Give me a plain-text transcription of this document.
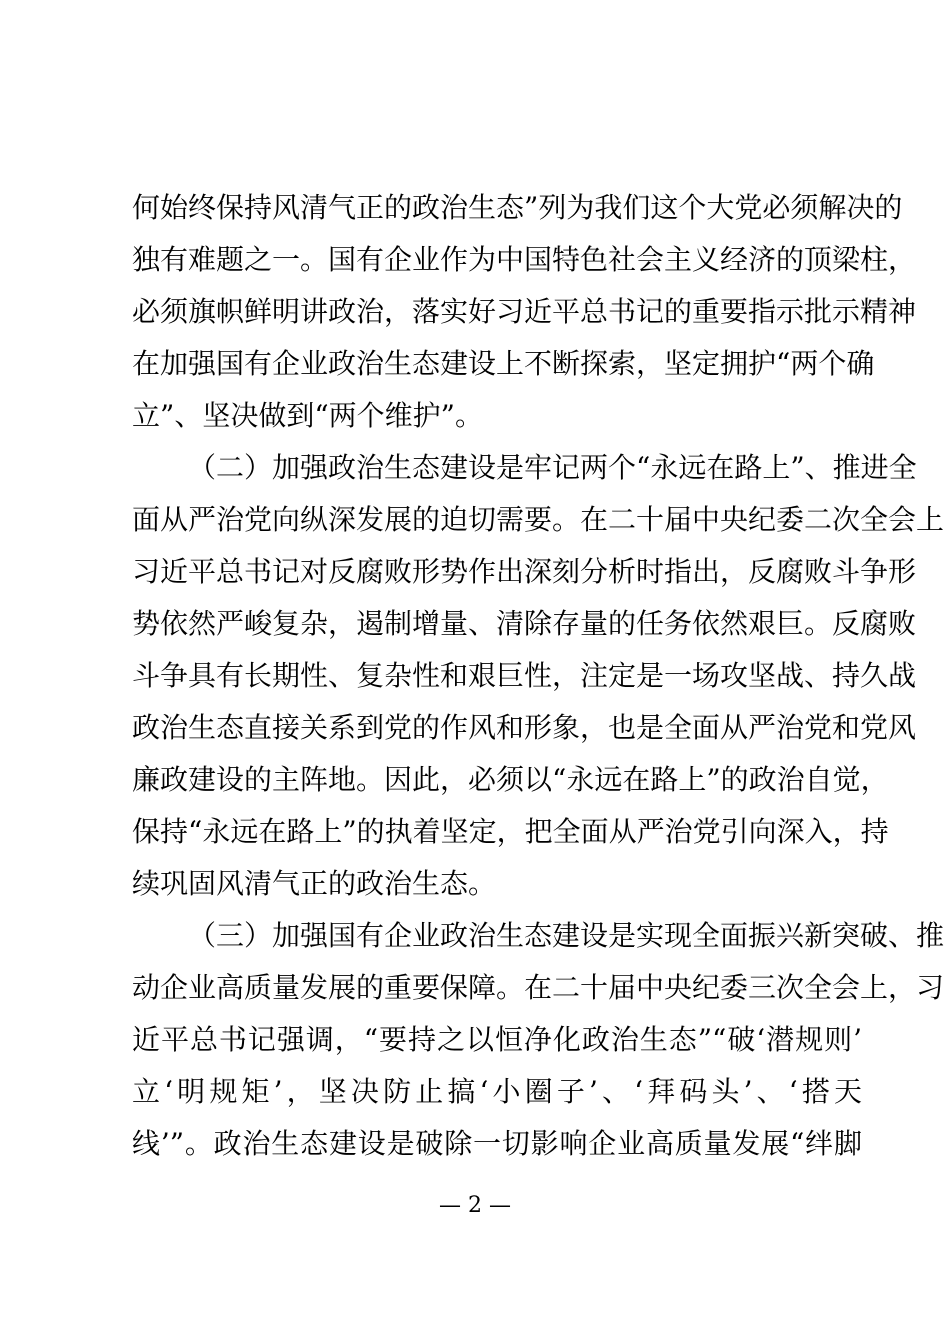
何始终保持风清气正的政治生态”列为我们这个大党必须解决的
独有难题之一。国有企业作为中国特色社会主义经济的顶梁柱，
必须旗帜鲜明讲政治，落实好习近平总书记的重要指示批示精神
在加强国有企业政治生态建设上不断探索，坚定拥护“两个确
立”、坚决做到“两个维护”。
（二）加强政治生态建设是牢记两个“永远在路上”、推进全
面从严治党向纵深发展的迫切需要。在二十届中央纪委二次全会上
习近平总书记对反腐败形势作出深刻分析时指出，反腐败斗争形
势依然严峻复杂，遏制增量、清除存量的任务依然艰巨。反腐败
斗争具有长期性、复杂性和艰巨性，注定是一场攻坚战、持久战
政治生态直接关系到党的作风和形象，也是全面从严治党和党风
廉政建设的主阵地。因此，必须以“永远在路上”的政治自觉，
保持“永远在路上”的执着坚定，把全面从严治党引向深入，持
续巩固风清气正的政治生态。
（三）加强国有企业政治生态建设是实现全面振兴新突破、推
动企业高质量发展的重要保障。在二十届中央纪委三次全会上，习
近平总书记强调，“要持之以恒净化政治生态”“破‘潜规则’
立‘明规矩’，坚决防止搞‘小圈子’、‘拜码头’、‘搭天
线’”。政治生态建设是破除一切影响企业高质量发展“绊脚
— 2 —
